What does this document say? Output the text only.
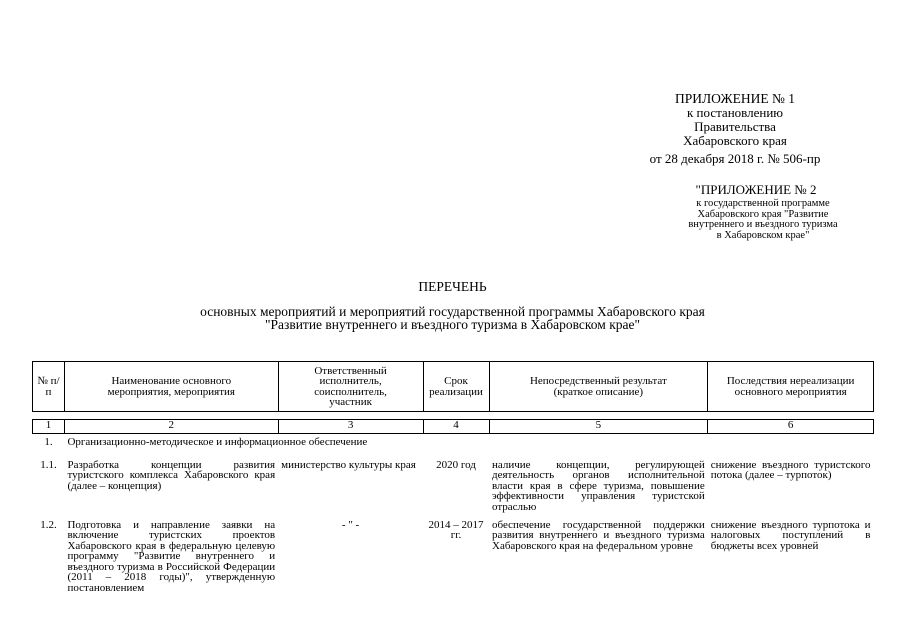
ПРИЛОЖЕНИЕ № 1
к постановлению
Правительства
Хабаровского края
от 28 декабря 2018 г. № 506-пр
"ПРИЛОЖЕНИЕ № 2
к государственной программе
Хабаровского края "Развитие
внутреннего и въездного туризма
в Хабаровском крае"
ПЕРЕЧЕНЬ
основных мероприятий и мероприятий государственной программы Хабаровского края
"Развитие внутреннего и въездного туризма в Хабаровском крае"
№ п/п	Наименование основного мероприятия, мероприятия	Ответственный исполнитель, соисполнитель, участник	Срок реализации	Непосредственный результат (краткое описание)	Последствия нереализации основного мероприятия

1	2	3	4	5	6

1.	Организационно-методическое и информационное обеспечение				

1.1.	Разработка концепции развития туристского комплекса Хабаровского края (далее – концепция)	министерство культуры края	2020 год	наличие концепции, регулирующей деятельность органов исполнительной власти края в сфере туризма, повышение эффективности управления туристской отраслью	снижение въездного туристского потока (далее – турпоток)
1.2.	Подготовка и направление заявки на включение туристских проектов Хабаровского края в федеральную целевую программу "Развитие внутреннего и въездного туризма в Российской Федерации (2011 – 2018 годы)", утвержденную постановлением	- " -	2014 – 2017 гг.	обеспечение государственной поддержки развития внутреннего и въездного туризма Хабаровского края на федеральном уровне	снижение въездного турпотока и налоговых поступлений в бюджеты всех уровней
